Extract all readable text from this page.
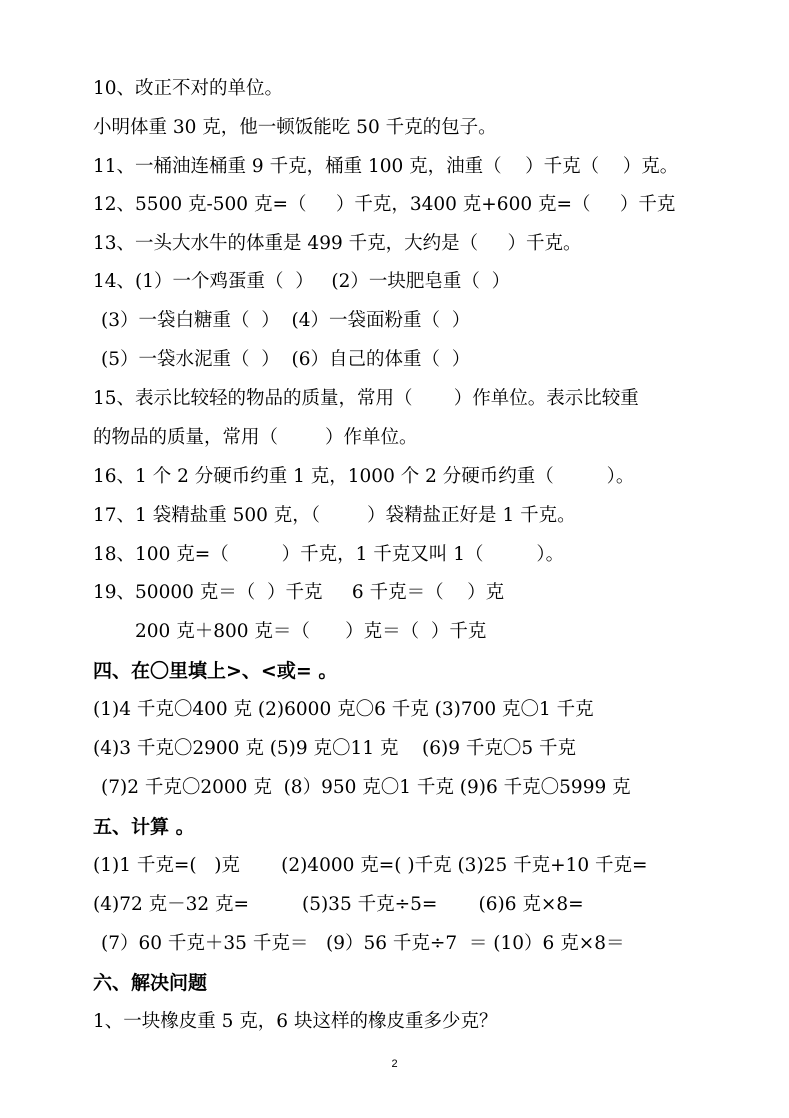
10、改正不对的单位。
小明体重 30 克，他一顿饭能吃 50 千克的包子。
11、一桶油连桶重 9 千克，桶重 100 克，油重（    ）千克（    ）克。
12、5500 克-500 克=（     ）千克，3400 克+600 克=（     ）千克
13、一头大水牛的体重是 499 千克，大约是（     ）千克。
14、(1）一个鸡蛋重（  ）   (2）一块肥皂重（  ）
(3）一袋白糖重（  ）  (4）一袋面粉重（  ）
(5）一袋水泥重（  ）  (6）自己的体重（  ）
15、表示比较轻的物品的质量，常用（       ）作单位。表示比较重
的物品的质量，常用（        ）作单位。
16、1 个 2 分硬币约重 1 克，1000 个 2 分硬币约重（         ）。
17、1 袋精盐重 500 克，（        ）袋精盐正好是 1 千克。
18、100 克=（         ）千克，1 千克又叫 1（         ）。
19、50000 克＝（  ）千克     6 千克＝（    ）克
200 克＋800 克＝（      ）克＝（  ）千克
四、在〇里填上>、<或= 。
(1)4 千克〇400 克 (2)6000 克〇6 千克 (3)700 克〇1 千克
(4)3 千克〇2900 克 (5)9 克〇11 克    (6)9 千克〇5 千克
(7)2 千克〇2000 克  (8）950 克〇1 千克 (9)6 千克〇5999 克
五、计算 。
(1)1 千克=(   )克       (2)4000 克=( )千克 (3)25 千克+10 千克=
(4)72 克－32 克=         (5)35 千克÷5=       (6)6 克×8=
(7）60 千克＋35 千克＝   (9）56 千克÷7  ＝ (10）6 克×8＝
六、解决问题
1、一块橡皮重 5 克，6 块这样的橡皮重多少克？
2
